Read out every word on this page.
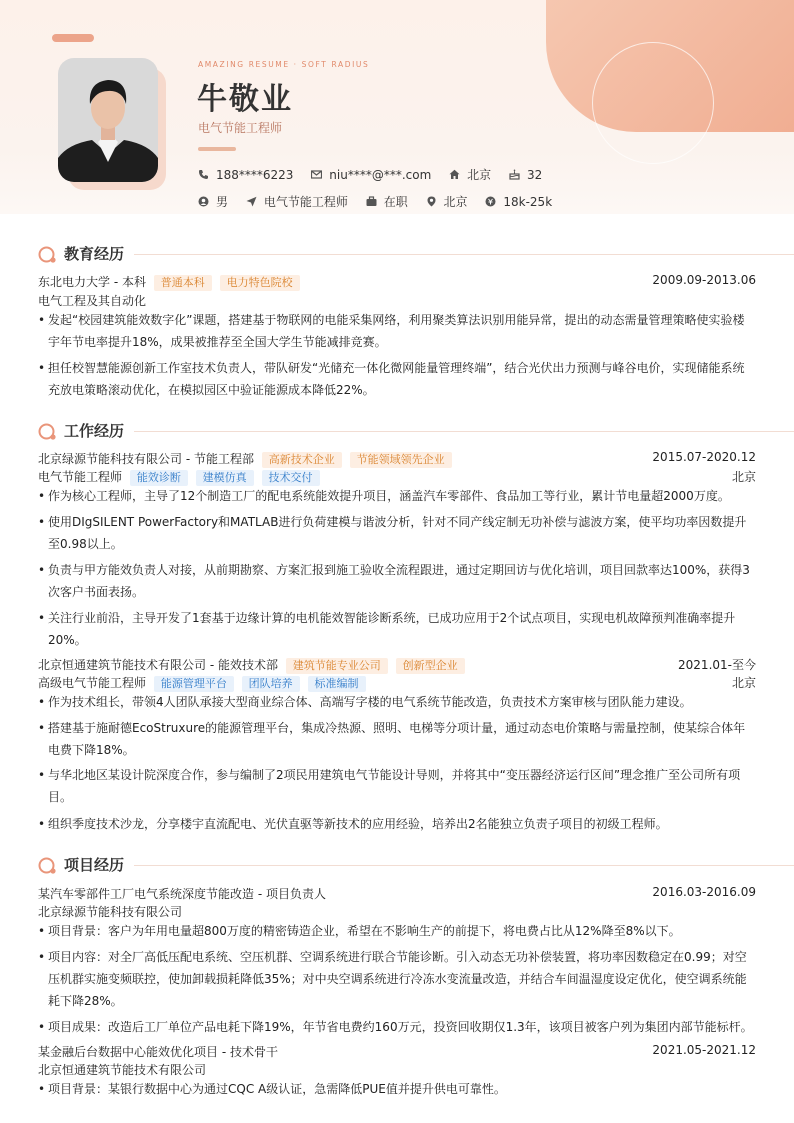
AMAZING RESUME · SOFT RADIUS
牛敬业
电气节能工程师
188****6223	niu****@***.com	北京	32
男	电气节能工程师	在职	北京	18k-25k
教育经历
东北电力大学 - 本科 普通本科 电力特色院校	2009.09-2013.06
电气工程及其自动化
• 发起“校园建筑能效数字化”课题，搭建基于物联网的电能采集网络，利用聚类算法识别用能异常，提出的动态需量管理策略使实验楼宇年节电率提升18%，成果被推荐至全国大学生节能减排竞赛。
• 担任校智慧能源创新工作室技术负责人，带队研发“光储充一体化微网能量管理终端”，结合光伏出力预测与峰谷电价，实现储能系统充放电策略滚动优化，在模拟园区中验证能源成本降低22%。
工作经历
北京绿源节能科技有限公司 - 节能工程部 高新技术企业 节能领域领先企业	2015.07-2020.12
电气节能工程师 能效诊断 建模仿真 技术交付	北京
• 作为核心工程师，主导了12个制造工厂的配电系统能效提升项目，涵盖汽车零部件、食品加工等行业，累计节电量超2000万度。
• 使用DIgSILENT PowerFactory和MATLAB进行负荷建模与谐波分析，针对不同产线定制无功补偿与滤波方案，使平均功率因数提升至0.98以上。
• 负责与甲方能效负责人对接，从前期勘察、方案汇报到施工验收全流程跟进，通过定期回访与优化培训，项目回款率达100%，获得3次客户书面表扬。
• 关注行业前沿，主导开发了1套基于边缘计算的电机能效智能诊断系统，已成功应用于2个试点项目，实现电机故障预判准确率提升20%。
北京恒通建筑节能技术有限公司 - 能效技术部 建筑节能专业公司 创新型企业	2021.01-至今
高级电气节能工程师 能源管理平台 团队培养 标准编制	北京
• 作为技术组长，带领4人团队承接大型商业综合体、高端写字楼的电气系统节能改造，负责技术方案审核与团队能力建设。
• 搭建基于施耐德EcoStruxure的能源管理平台，集成冷热源、照明、电梯等分项计量，通过动态电价策略与需量控制，使某综合体年电费下降18%。
• 与华北地区某设计院深度合作，参与编制了2项民用建筑电气节能设计导则，并将其中“变压器经济运行区间”理念推广至公司所有项目。
• 组织季度技术沙龙，分享楼宇直流配电、光伏直驱等新技术的应用经验，培养出2名能独立负责子项目的初级工程师。
项目经历
某汽车零部件工厂电气系统深度节能改造 - 项目负责人	2016.03-2016.09
北京绿源节能科技有限公司
• 项目背景：客户为年用电量超800万度的精密铸造企业，希望在不影响生产的前提下，将电费占比从12%降至8%以下。
• 项目内容：对全厂高低压配电系统、空压机群、空调系统进行联合节能诊断。引入动态无功补偿装置，将功率因数稳定在0.99；对空压机群实施变频联控，使加卸载损耗降低35%；对中央空调系统进行冷冻水变流量改造，并结合车间温湿度设定优化，使空调系统能耗下降28%。
• 项目成果：改造后工厂单位产品电耗下降19%，年节省电费约160万元，投资回收期仅1.3年，该项目被客户列为集团内部节能标杆。
某金融后台数据中心能效优化项目 - 技术骨干	2021.05-2021.12
北京恒通建筑节能技术有限公司
• 项目背景：某银行数据中心为通过CQC A级认证，急需降低PUE值并提升供电可靠性。
